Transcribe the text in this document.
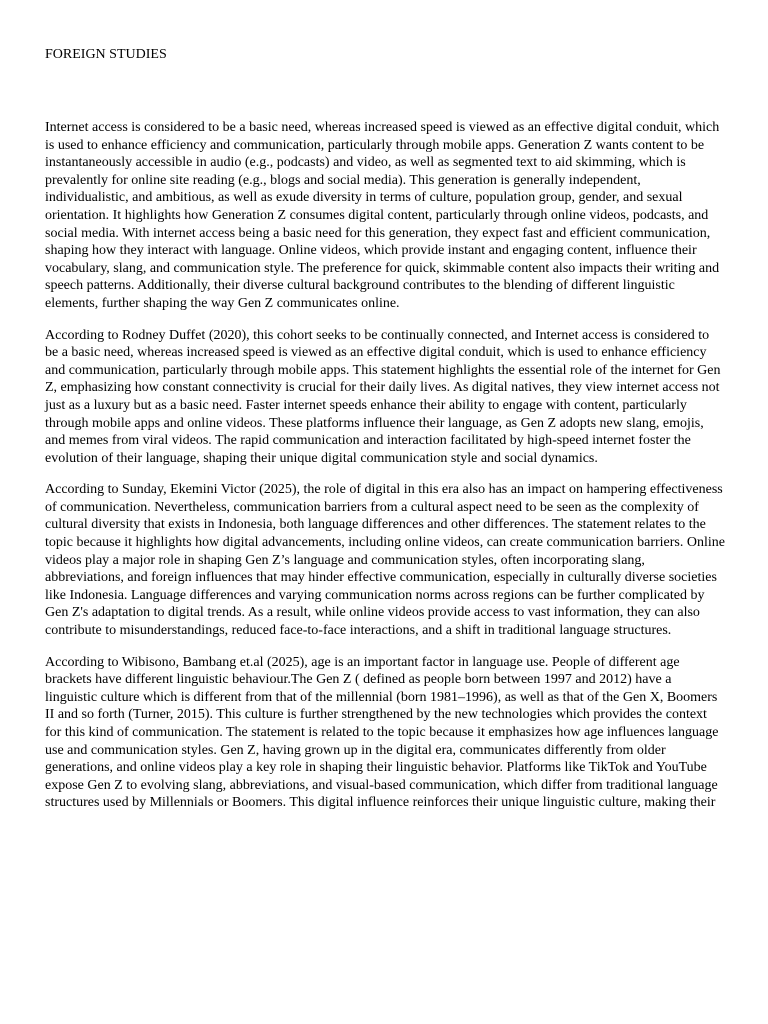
FOREIGN STUDIES

Internet access is considered to be a basic need, whereas increased speed is viewed as an effective digital conduit, which is used to enhance efficiency and communication, particularly through mobile apps. Generation Z wants content to be instantaneously accessible in audio (e.g., podcasts) and video, as well as segmented text to aid skimming, which is prevalently for online site reading (e.g., blogs and social media). This generation is generally independent, individualistic, and ambitious, as well as exude diversity in terms of culture, population group, gender, and sexual orientation. It highlights how Generation Z consumes digital content, particularly through online videos, podcasts, and social media. With internet access being a basic need for this generation, they expect fast and efficient communication, shaping how they interact with language. Online videos, which provide instant and engaging content, influence their vocabulary, slang, and communication style. The preference for quick, skimmable content also impacts their writing and speech patterns. Additionally, their diverse cultural background contributes to the blending of different linguistic elements, further shaping the way Gen Z communicates online.

According to Rodney Duffet (2020), this cohort seeks to be continually connected, and Internet access is considered to be a basic need, whereas increased speed is viewed as an effective digital conduit, which is used to enhance efficiency and communication, particularly through mobile apps. This statement highlights the essential role of the internet for Gen Z, emphasizing how constant connectivity is crucial for their daily lives. As digital natives, they view internet access not just as a luxury but as a basic need. Faster internet speeds enhance their ability to engage with content, particularly through mobile apps and online videos. These platforms influence their language, as Gen Z adopts new slang, emojis, and memes from viral videos. The rapid communication and interaction facilitated by high-speed internet foster the evolution of their language, shaping their unique digital communication style and social dynamics.

According to Sunday, Ekemini Victor (2025), the role of digital in this era also has an impact on hampering effectiveness of communication. Nevertheless, communication barriers from a cultural aspect need to be seen as the complexity of cultural diversity that exists in Indonesia, both language differences and other differences. The statement relates to the topic because it highlights how digital advancements, including online videos, can create communication barriers. Online videos play a major role in shaping Gen Z’s language and communication styles, often incorporating slang, abbreviations, and foreign influences that may hinder effective communication, especially in culturally diverse societies like Indonesia. Language differences and varying communication norms across regions can be further complicated by Gen Z's adaptation to digital trends. As a result, while online videos provide access to vast information, they can also contribute to misunderstandings, reduced face-to-face interactions, and a shift in traditional language structures.

According to Wibisono, Bambang et.al (2025), age is an important factor in language use. People of different age brackets have different linguistic behaviour.The Gen Z ( defined as people born between 1997 and 2012) have a linguistic culture which is different from that of the millennial (born 1981–1996), as well as that of the Gen X, Boomers II and so forth (Turner, 2015). This culture is further strengthened by the new technologies which provides the context for this kind of communication. The statement is related to the topic because it emphasizes how age influences language use and communication styles. Gen Z, having grown up in the digital era, communicates differently from older generations, and online videos play a key role in shaping their linguistic behavior. Platforms like TikTok and YouTube expose Gen Z to evolving slang, abbreviations, and visual-based communication, which differ from traditional language structures used by Millennials or Boomers. This digital influence reinforces their unique linguistic culture, making their
